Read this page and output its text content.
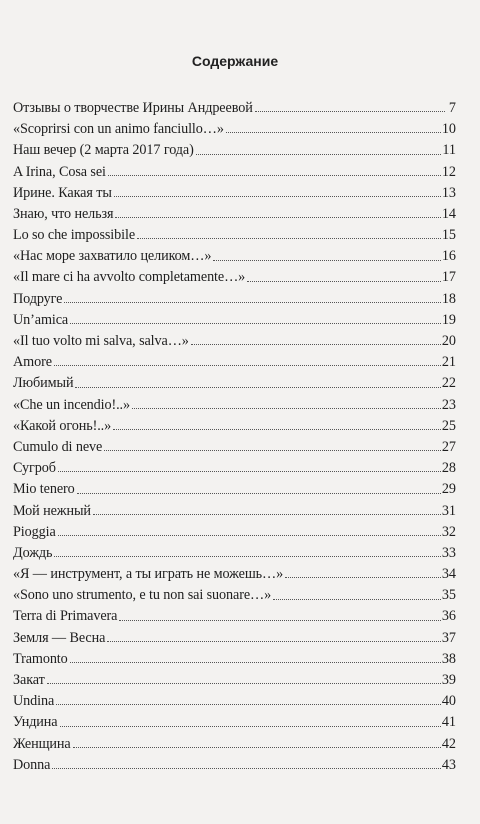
Содержание
Отзывы о творчестве Ирины Андреевой	7
«Scoprirsi con un animo fanciullo…»	10
Наш вечер (2 марта 2017 года)	11
A Irina, Cosa sei	12
Ирине. Какая ты	13
Знаю, что нельзя	14
Lo so che impossibile	15
«Нас море захватило целиком…»	16
«Il mare ci ha avvolto completamente…»	17
Подруге	18
Un’amica	19
«Il tuo volto mi salva, salva…»	20
Amore	21
Любимый	22
«Che un incendio!..»	23
«Какой огонь!..»	25
Cumulo di neve	27
Сугроб	28
Mio tenero	29
Мой нежный	31
Pioggia	32
Дождь	33
«Я — инструмент, а ты играть не можешь…»	34
«Sono uno strumento, e tu non sai suonare…»	35
Terra di Primavera	36
Земля — Весна	37
Tramonto	38
Закат	39
Undina	40
Ундина	41
Женщина	42
Donna	43
